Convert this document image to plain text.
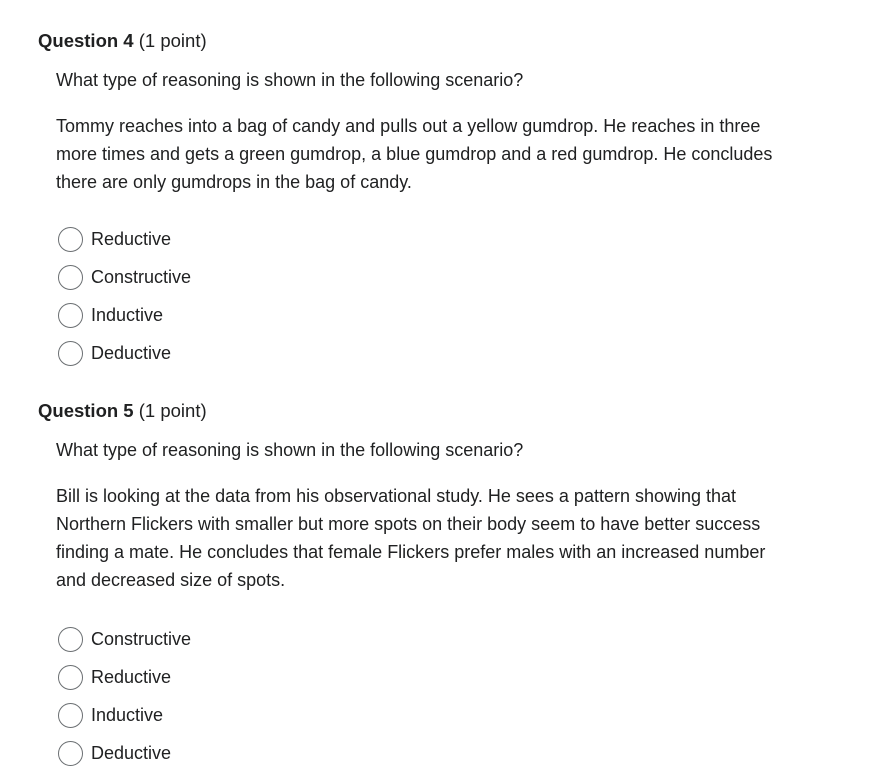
Question 4 (1 point)
What type of reasoning is shown in the following scenario?
Tommy reaches into a bag of candy and pulls out a yellow gumdrop. He reaches in three more times and gets a green gumdrop, a blue gumdrop and a red gumdrop. He concludes there are only gumdrops in the bag of candy.
Reductive
Constructive
Inductive
Deductive
Question 5 (1 point)
What type of reasoning is shown in the following scenario?
Bill is looking at the data from his observational study. He sees a pattern showing that Northern Flickers with smaller but more spots on their body seem to have better success finding a mate. He concludes that female Flickers prefer males with an increased number and decreased size of spots.
Constructive
Reductive
Inductive
Deductive
